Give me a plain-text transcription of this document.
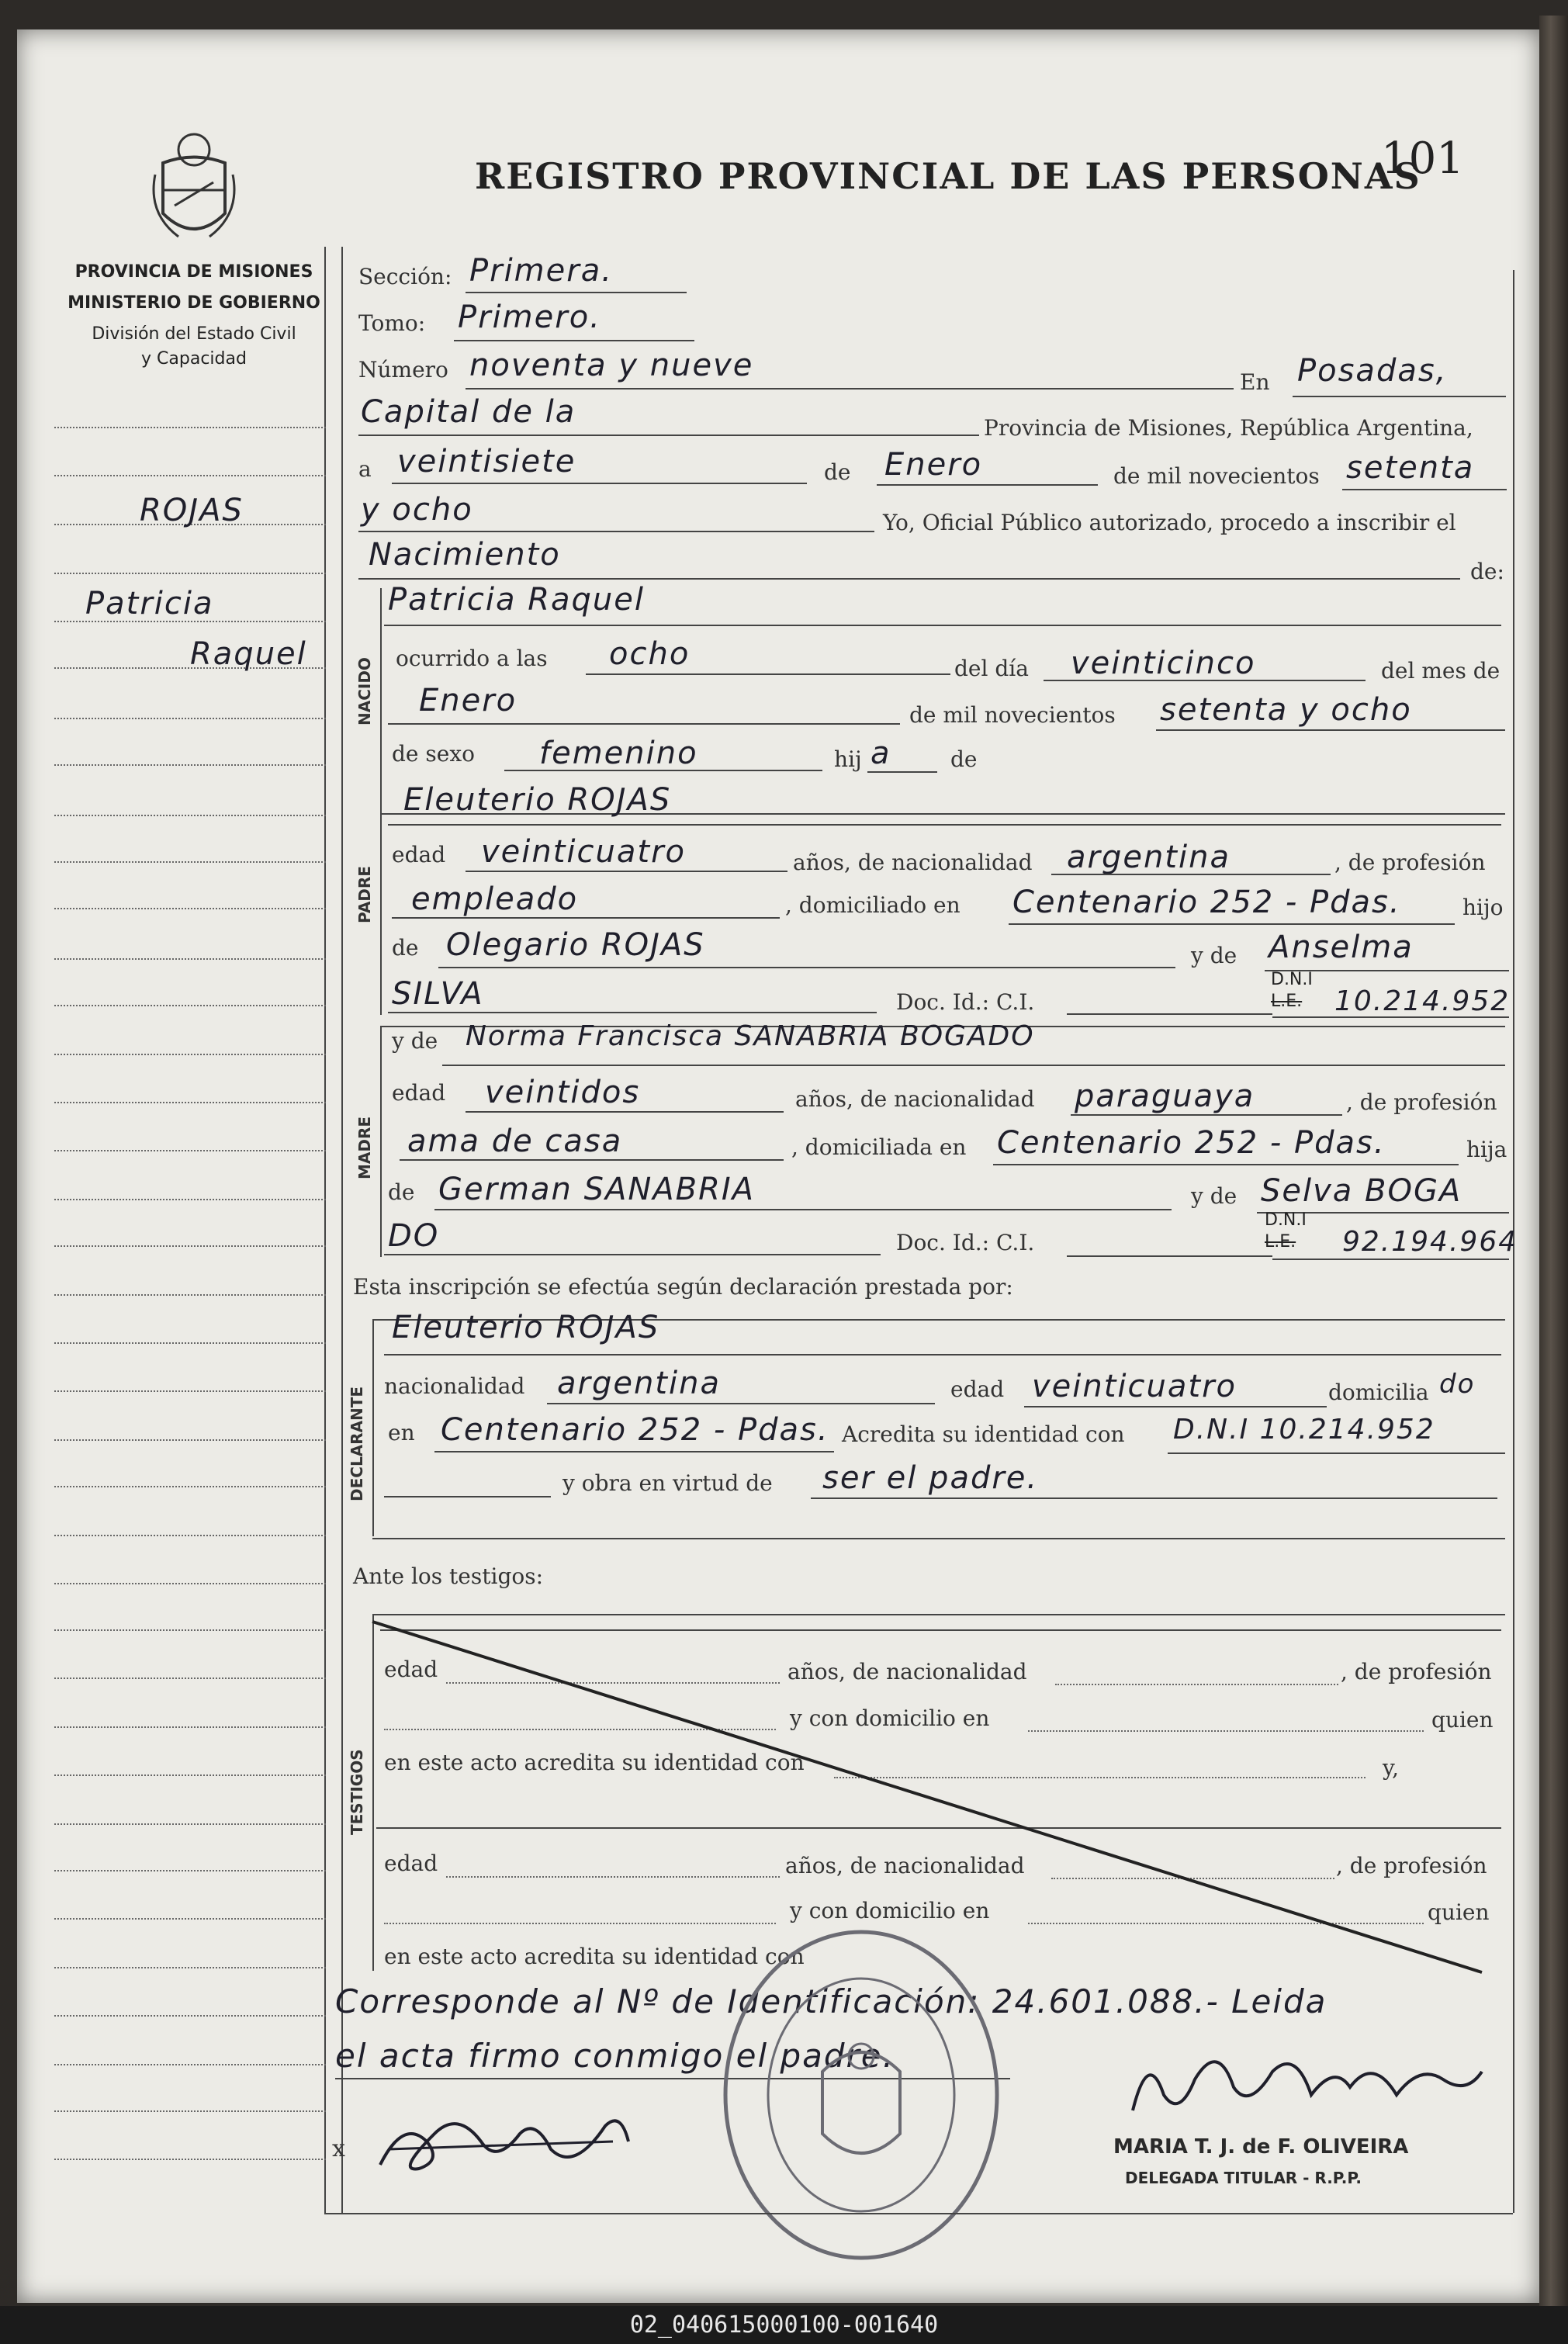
PROVINCIA DE MISIONES
MINISTERIO DE GOBIERNO
División del Estado Civil
y Capacidad
REGISTRO PROVINCIAL DE LAS PERSONAS
101
ROJAS
Patricia
Raquel
Sección: Primera.
Tomo: Primero.
Número noventa y nueve	En Posadas,
Capital de la	Provincia de Misiones, República Argentina,
a veintisiete	de Enero	de mil novecientos setenta
y ocho	Yo, Oficial Público autorizado, procedo a inscribir el
Nacimiento	de:
NACIDO
Patricia Raquel
ocurrido a las ocho	del día veinticinco	del mes de
Enero	de mil novecientos setenta y ocho
de sexo femenino	hij a	de
PADRE
Eleuterio ROJAS
edad veinticuatro	años, de nacionalidad argentina	, de profesión
empleado	, domiciliado en Centenario 252 - Pdas.	hijo
de Olegario ROJAS	y de Anselma
SILVA	Doc. Id.: C.I.
D.N.I
L.E. 10.214.952
MADRE
y de Norma Francisca SANABRIA BOGADO
edad veintidos	años, de nacionalidad paraguaya	, de profesión
ama de casa	, domiciliada en Centenario 252 - Pdas.	hija
de German SANABRIA	y de Selva BOGA
DO	Doc. Id.: C.I.
D.N.I
L.E. 92.194.964
Esta inscripción se efectúa según declaración prestada por:
DECLARANTE
Eleuterio ROJAS
nacionalidad argentina	edad veinticuatro	domicilia do
en Centenario 252 - Pdas. Acredita su identidad con D.N.I 10.214.952
y obra en virtud de ser el padre.
Ante los testigos:
TESTIGOS
edad	años, de nacionalidad	, de profesión
y con domicilio en	quien
en este acto acredita su identidad con	y,
edad	años, de nacionalidad	, de profesión
y con domicilio en	quien
en este acto acredita su identidad con
Corresponde al Nº de Identificación: 24.601.088.- Leida
el acta firmo conmigo el padre.
x	MARIA T. J. de F. OLIVEIRA
DELEGADA TITULAR - R.P.P.
02_040615000100-001640
